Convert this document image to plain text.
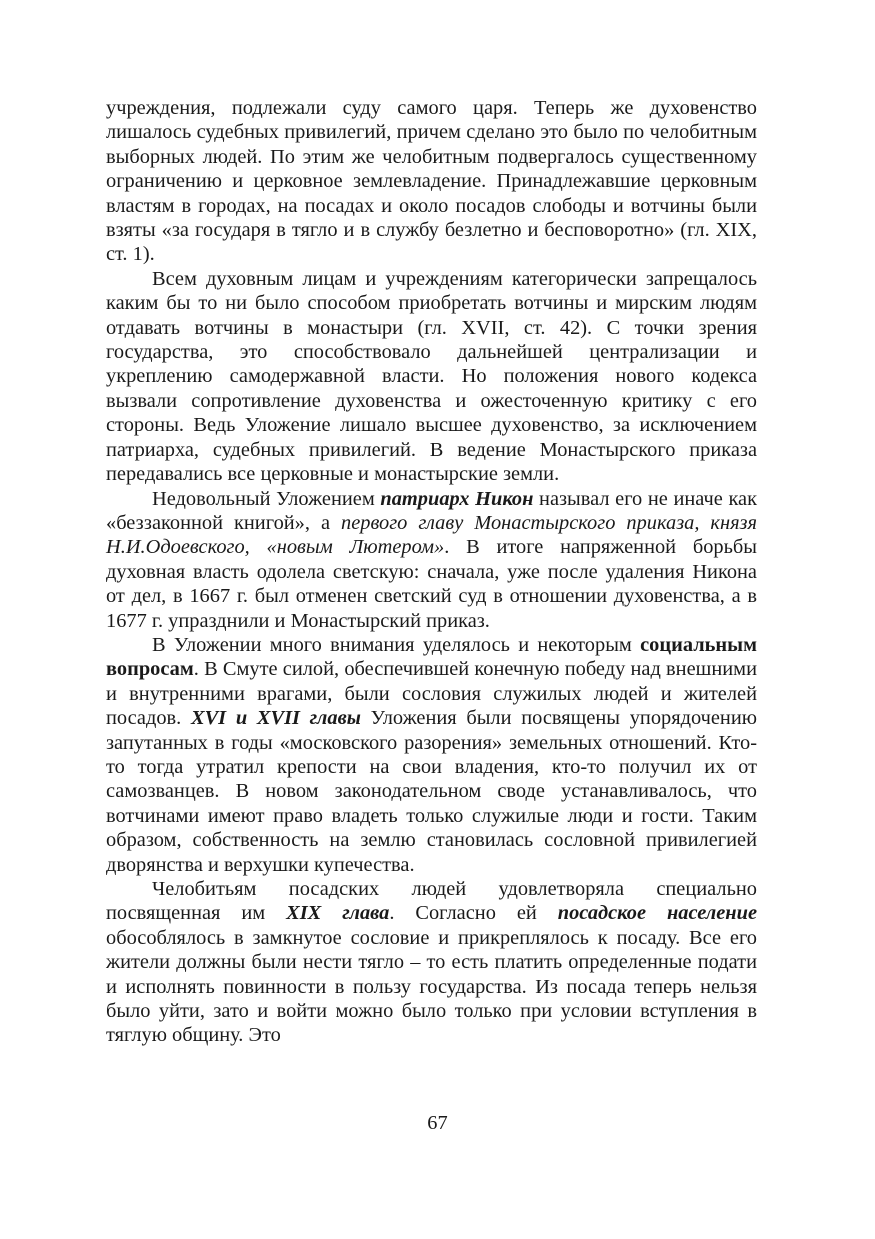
учреждения, подлежали суду самого царя. Теперь же духовенство лишалось судебных привилегий, причем сделано это было по челобитным выборных людей. По этим же челобитным подвергалось существенному ограничению и церковное землевладение. Принадлежавшие церковным властям в городах, на посадах и около посадов слободы и вотчины были взяты «за государя в тягло и в службу безлетно и бесповоротно» (гл. XIX, ст. 1).

Всем духовным лицам и учреждениям категорически запрещалось каким бы то ни было способом приобретать вотчины и мирским людям отдавать вотчины в монастыри (гл. XVII, ст. 42). С точки зрения государства, это способствовало дальнейшей централизации и укреплению самодержавной власти. Но положения нового кодекса вызвали сопротивление духовенства и ожесточенную критику с его стороны. Ведь Уложение лишало высшее духовенство, за исключением патриарха, судебных привилегий. В ведение Монастырского приказа передавались все церковные и монастырские земли.

Недовольный Уложением патриарх Никон называл его не иначе как «беззаконной книгой», а первого главу Монастырского приказа, князя Н.И.Одоевского, «новым Лютером». В итоге напряженной борьбы духовная власть одолела светскую: сначала, уже после удаления Никона от дел, в 1667 г. был отменен светский суд в отношении духовенства, а в 1677 г. упразднили и Монастырский приказ.

В Уложении много внимания уделялось и некоторым социальным вопросам. В Смуте силой, обеспечившей конечную победу над внешними и внутренними врагами, были сословия служилых людей и жителей посадов. XVI и XVII главы Уложения были посвящены упорядочению запутанных в годы «московского разорения» земельных отношений. Кто-то тогда утратил крепости на свои владения, кто-то получил их от самозванцев. В новом законодательном своде устанавливалось, что вотчинами имеют право владеть только служилые люди и гости. Таким образом, собственность на землю становилась сословной привилегией дворянства и верхушки купечества.

Челобитьям посадских людей удовлетворяла специально посвященная им XIX глава. Согласно ей посадское население обособлялось в замкнутое сословие и прикреплялось к посаду. Все его жители должны были нести тягло – то есть платить определенные подати и исполнять повинности в пользу государства. Из посада теперь нельзя было уйти, зато и войти можно было только при условии вступления в тяглую общину. Это

67
